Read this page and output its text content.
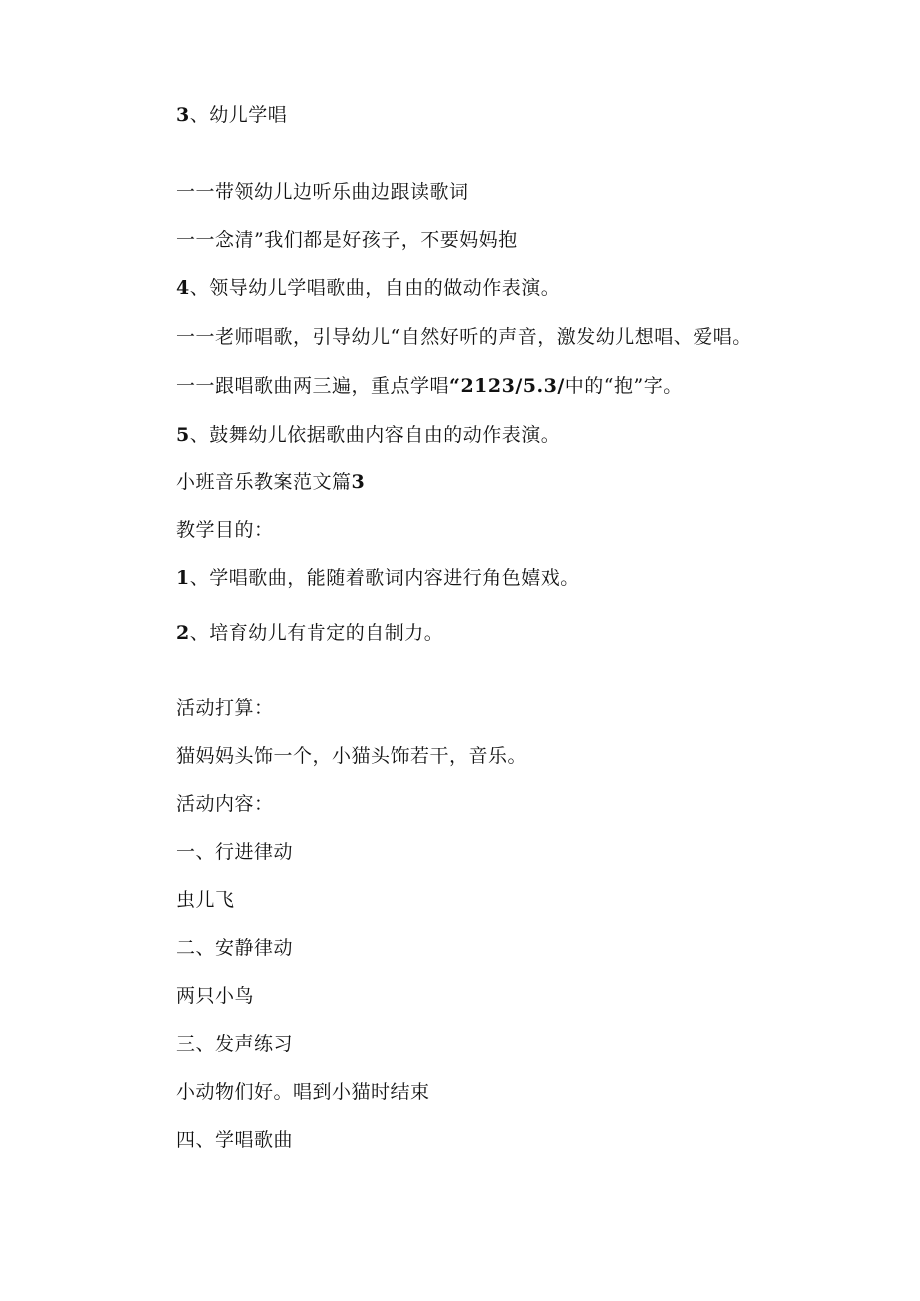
3、幼儿学唱
一一带领幼儿边听乐曲边跟读歌词
一一念清”我们都是好孩子，不要妈妈抱
4、领导幼儿学唱歌曲，自由的做动作表演。
一一老师唱歌，引导幼儿“自然好听的声音，激发幼儿想唱、爱唱。
一一跟唱歌曲两三遍，重点学唱“2123/5.3/中的“抱”字。
5、鼓舞幼儿依据歌曲内容自由的动作表演。
小班音乐教案范文篇3
教学目的：
1、学唱歌曲，能随着歌词内容进行角色嬉戏。
2、培育幼儿有肯定的自制力。
活动打算：
猫妈妈头饰一个，小猫头饰若干，音乐。
活动内容：
一、行进律动
虫儿飞
二、安静律动
两只小鸟
三、发声练习
小动物们好。唱到小猫时结束
四、学唱歌曲
